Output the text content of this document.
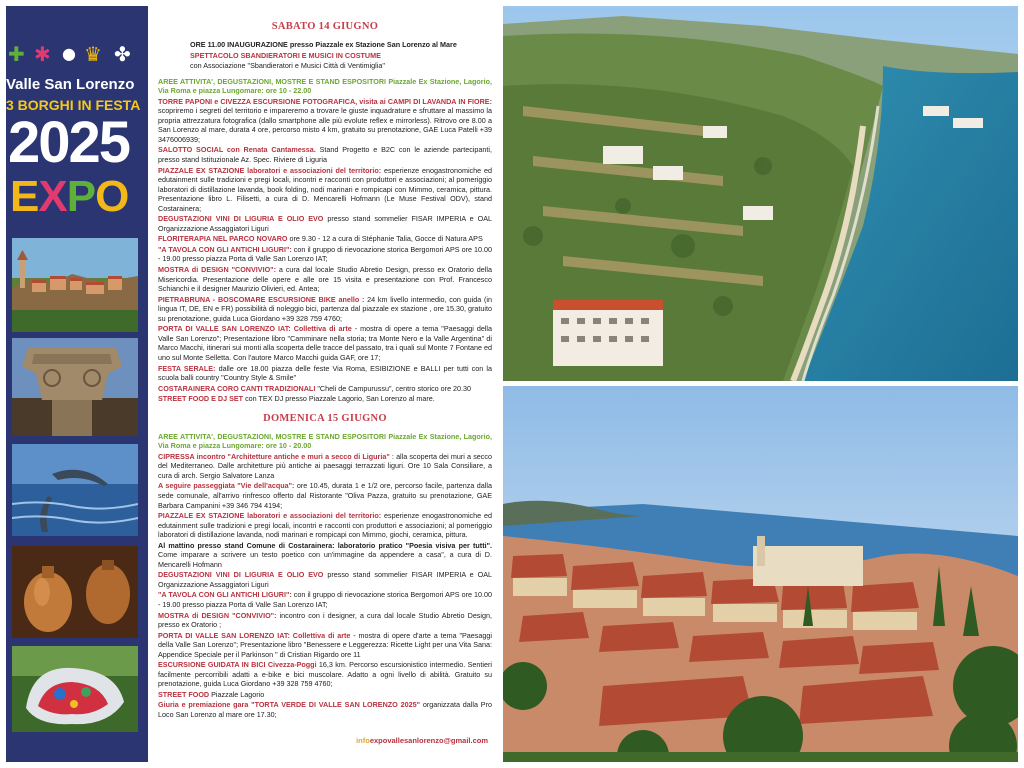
✚ ✱ ● ♛ ✤
Valle San Lorenzo
3 BORGHI IN FESTA
2025
EXPO
SABATO 14 GIUGNO
ORE 11.00 INAUGURAZIONE presso Piazzale ex Stazione San Lorenzo al Mare
SPETTACOLO SBANDIERATORI E MUSICI IN COSTUME
con Associazione "Sbandieratori e Musici Città di Ventimiglia"
AREE ATTIVITA', DEGUSTAZIONI, MOSTRE E STAND ESPOSITORI Piazzale Ex Stazione, Lagorio, Via Roma e piazza Lungomare: ore 10 - 22.00
TORRE PAPONI e CIVEZZA ESCURSIONE FOTOGRAFICA, visita ai CAMPI DI LAVANDA IN FIORE: scopriremo i segreti del territorio e impareremo a trovare le giuste inquadrature e sfruttare al massimo la propria attrezzatura fotografica (dallo smartphone alle più evolute reflex e mirrorless). Ritrovo ore 8.00 a San Lorenzo al mare, durata 4 ore, percorso misto 4 km, gratuito su prenotazione, GAE Luca Patelli +39 3476006939;
SALOTTO SOCIAL con Renata Cantamessa. Stand Progetto e B2C con le aziende partecipanti, presso stand Istituzionale Az. Spec. Riviere di Liguria
PIAZZALE EX STAZIONE laboratori e associazioni del territorio: esperienze enogastronomiche ed edutainment sulle tradizioni e pregi locali, incontri e racconti con produttori e associazioni; al pomeriggio laboratori di distillazione lavanda, book folding, nodi marinari e rompicapi con Mimmo, ceramica, pittura. Presentazione libro L. Filisetti, a cura di D. Mencarelli Hofmann (Le Muse Festival ODV), stand Costarainera;
DEGUSTAZIONI VINI DI LIGURIA E OLIO EVO presso stand sommelier FISAR IMPERIA e OAL Organizzazione Assaggiatori Liguri
FLORITERAPIA NEL PARCO NOVARO ore 9.30 - 12 a cura di Stéphanie Talia, Gocce di Natura APS
"A TAVOLA CON GLI ANTICHI LIGURI": con il gruppo di rievocazione storica Bergomori APS ore 10.00 - 19.00 presso piazza Porta di Valle San Lorenzo IAT;
MOSTRA di DESIGN "CONVIVIO": a cura dal locale Studio Abretio Design, presso ex Oratorio della Misericordia. Presentazione delle opere e alle ore 15 visita e presentazione con Prof. Francesco Schianchi e il designer Maurizio Olivieri, ed. Antea;
PIETRABRUNA - BOSCOMARE ESCURSIONE BIKE anello : 24 km livello intermedio, con guida (in lingua IT, DE, EN e FR) possibilità di noleggio bici, partenza dal piazzale ex stazione , ore 15.30, gratuito su prenotazione, guida Luca Giordano +39 328 759 4760;
PORTA DI VALLE SAN LORENZO IAT: Collettiva di arte - mostra di opere a tema "Paesaggi della Valle San Lorenzo"; Presentazione libro "Camminare nella storia; tra Monte Nero e la Valle Argentina" di Marco Macchi, itinerari sui monti alla scoperta delle tracce del passato, tra i quali sul Monte 7 Fontane ed uno sul Monte Selletta. Con l'autore Marco Macchi guida GAF, ore 17;
FESTA SERALE: dalle ore 18.00 piazza delle feste Via Roma, ESIBIZIONE e BALLI per tutti con la scuola balli country "Country Style & Smile"
COSTARAINERA CORO CANTI TRADIZIONALI "Cheli de Campurussu", centro storico ore 20.30
STREET FOOD E DJ SET con TEX DJ presso Piazzale Lagorio, San Lorenzo al mare.
DOMENICA 15 GIUGNO
AREE ATTIVITA', DEGUSTAZIONI, MOSTRE E STAND ESPOSITORI Piazzale Ex Stazione, Lagorio, Via Roma e piazza Lungomare: ore 10 - 20.00
CIPRESSA incontro "Architetture antiche e muri a secco di Liguria" : alla scoperta dei muri a secco del Mediterraneo. Dalle architetture più antiche ai paesaggi terrazzati liguri. Ore 10 Sala Consiliare, a cura di arch. Sergio Salvatore Lanza
A seguire passeggiata "Vie dell'acqua": ore 10.45, durata 1 e 1/2 ore, percorso facile, partenza dalla sede comunale, all'arrivo rinfresco offerto dal Ristorante "Oliva Pazza, gratuito su prenotazione, GAE Barbara Campanini +39 346 794 4194;
PIAZZALE EX STAZIONE laboratori e associazioni del territorio: esperienze enogastronomiche ed edutainment sulle tradizioni e pregi locali, incontri e racconti con produttori e associazioni; al pomeriggio laboratori di distillazione lavanda, nodi marinari e rompicapi con Mimmo, giochi, ceramica, pittura.
Al mattino presso stand Comune di Costarainera: laboratorio pratico "Poesia visiva per tutti". Come imparare a scrivere un testo poetico con un'immagine da appendere a casa", a cura di D. Mencarelli Hofmann
DEGUSTAZIONI VINI DI LIGURIA E OLIO EVO presso stand sommelier FISAR IMPERIA e OAL Organizzazione Assaggiatori Liguri
"A TAVOLA CON GLI ANTICHI LIGURI": con il gruppo di rievocazione storica Bergomori APS ore 10.00 - 19.00 presso piazza Porta di Valle San Lorenzo IAT;
MOSTRA di DESIGN "CONVIVIO": incontro con i designer, a cura dal locale Studio Abretio Design, presso ex Oratorio ;
PORTA DI VALLE SAN LORENZO IAT: Collettiva di arte - mostra di opere d'arte a tema "Paesaggi della Valle San Lorenzo"; Presentazione libro "Benessere e Leggerezza: Ricette Light per una Vita Sana: Appendice Speciale per il Parkinson " di Cristian Rigardo ore 11
ESCURSIONE GUIDATA IN BICI Civezza-Poggi 16,3 km. Percorso escursionistico intermedio. Sentieri facilmente percorribili adatti a e-bike e bici muscolare. Adatto a ogni livello di abilità. Gratuito su prenotazione, guida Luca Giordano +39 328 759 4760;
STREET FOOD Piazzale Lagorio
Giuria e premiazione gara "TORTA VERDE DI VALLE SAN LORENZO 2025" organizzata dalla Pro Loco San Lorenzo al mare ore 17.30;
infoexpovallesanlorenzo@gmail.com
